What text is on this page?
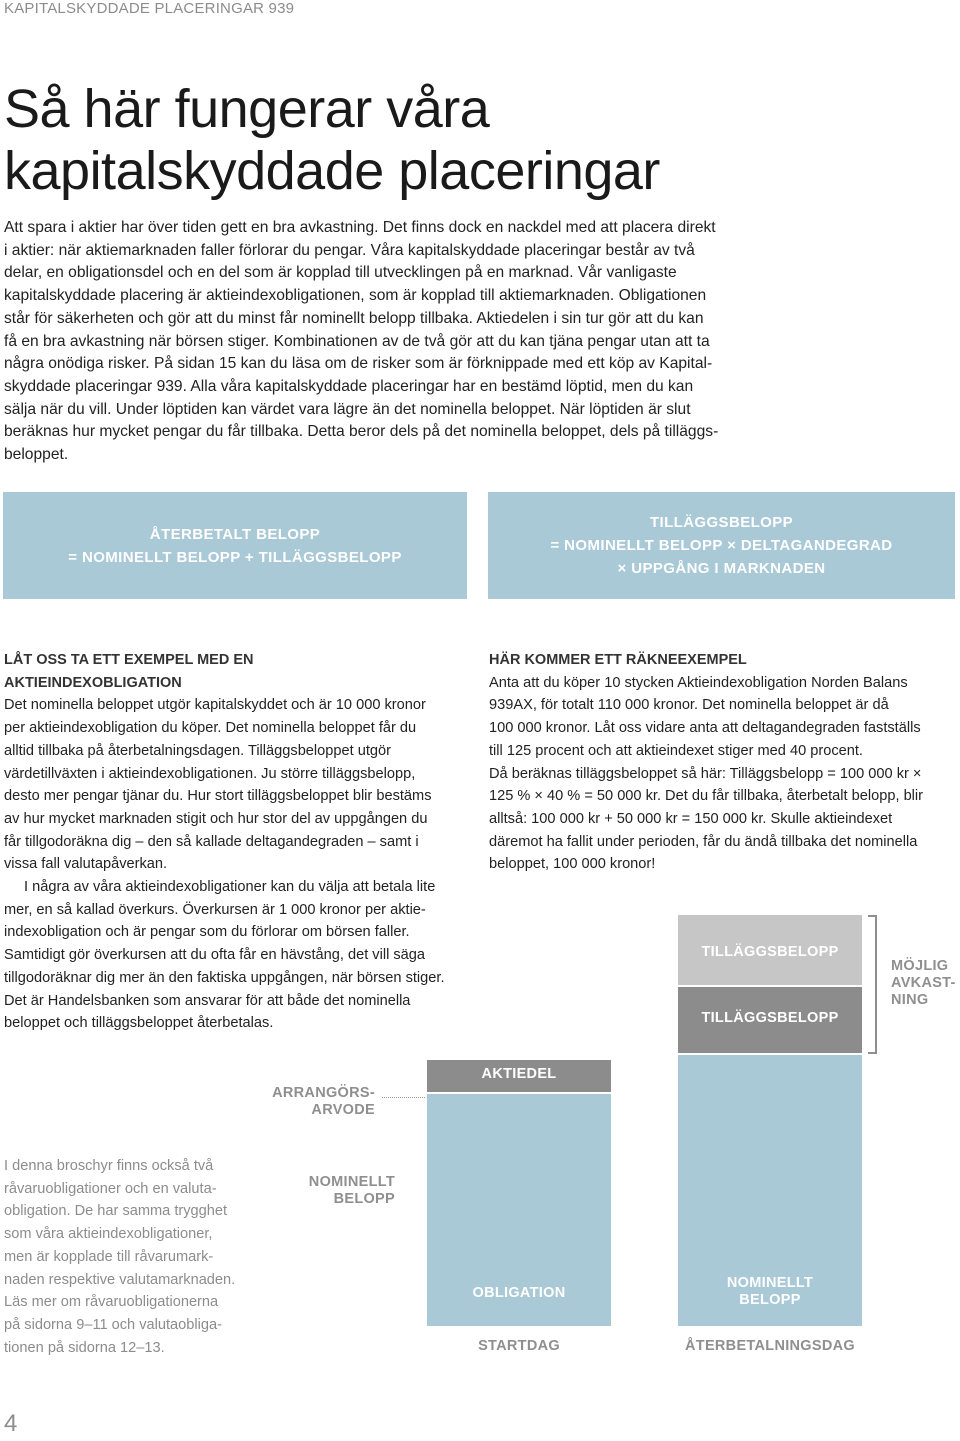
KAPITALSKYDDADE PLACERINGAR 939
Så här fungerar våra
kapitalskyddade placeringar

Att spara i aktier har över tiden gett en bra avkastning. Det finns dock en nackdel med att placera direkt
i aktier: när aktiemarknaden faller förlorar du pengar. Våra kapitalskyddade placeringar består av två
delar, en obligationsdel och en del som är kopplad till utvecklingen på en marknad. Vår vanligaste
kapitalskyddade placering är aktieindexobligationen, som är kopplad till aktiemarknaden. Obligationen
står för säkerheten och gör att du minst får nominellt belopp tillbaka. Aktiedelen i sin tur gör att du kan
få en bra avkastning när börsen stiger. Kombinationen av de två gör att du kan tjäna pengar utan att ta
några onödiga risker. På sidan 15 kan du läsa om de risker som är förknippade med ett köp av Kapital-
skyddade placeringar 939. Alla våra kapitalskyddade placeringar har en bestämd löptid, men du kan
sälja när du vill. Under löptiden kan värdet vara lägre än det nominella beloppet. När löptiden är slut
beräknas hur mycket pengar du får tillbaka. Detta beror dels på det nominella beloppet, dels på tilläggs-
beloppet.

ÅTERBETALT BELOPP
= NOMINELLT BELOPP + TILLÄGGSBELOPP
TILLÄGGSBELOPP
= NOMINELLT BELOPP × DELTAGANDEGRAD
× UPPGÅNG I MARKNADEN
LÅT OSS TA ETT EXEMPEL MED EN
AKTIEINDEXOBLIGATION

Det nominella beloppet utgör kapitalskyddet och är 10 000 kronor
per aktieindexobligation du köper. Det nominella beloppet får du
alltid tillbaka på återbetalningsdagen. Tilläggsbeloppet utgör
värdetillväxten i aktieindexobligationen. Ju större tilläggsbelopp,
desto mer pengar tjänar du. Hur stort tilläggsbeloppet blir bestäms
av hur mycket marknaden stigit och hur stor del av uppgången du
får tillgodoräkna dig – den så kallade deltagandegraden – samt i
vissa fall valutapåverkan.

I några av våra aktieindexobligationer kan du välja att betala lite
mer, en så kallad överkurs. Överkursen är 1 000 kronor per aktie-
indexobligation och är pengar som du förlorar om börsen faller.
Samtidigt gör överkursen att du ofta får en hävstång, det vill säga
tillgodoräknar dig mer än den faktiska uppgången, när börsen stiger.
Det är Handelsbanken som ansvarar för att både det nominella
beloppet och tilläggsbeloppet återbetalas.

HÄR KOMMER ETT RÄKNEEXEMPEL

Anta att du köper 10 stycken Aktieindexobligation Norden Balans
939AX, för totalt 110 000 kronor. Det nominella beloppet är då
100 000 kronor. Låt oss vidare anta att deltagandegraden fastställs
till 125 procent och att aktieindexet stiger med 40 procent.
Då beräknas tilläggsbeloppet så här: Tilläggsbelopp = 100 000 kr ×
125 % × 40 % = 50 000 kr. Det du får tillbaka, återbetalt belopp, blir
alltså: 100 000 kr + 50 000 kr = 150 000 kr. Skulle aktieindexet
däremot ha fallit under perioden, får du ändå tillbaka det nominella
beloppet, 100 000 kronor!

ÖVERKURS
AKTIEDEL
OBLIGATION
TILLÄGGSBELOPP
TILLÄGGSBELOPP
NOMINELLT
BELOPP
STARTDAG	ÅTERBETALNINGSDAG
ARRANGÖRS-
ARVODE
NOMINELLT
BELOPP
MÖJLIG
AVKAST-
NING

I denna broschyr finns också två
råvaruobligationer och en valuta-
obligation. De har samma trygghet
som våra aktieindexobligationer,
men är kopplade till råvarumark-
naden respektive valutamarknaden.
Läs mer om råvaruobligationerna
på sidorna 9–11 och valutaobliga-
tionen på sidorna 12–13.

4
